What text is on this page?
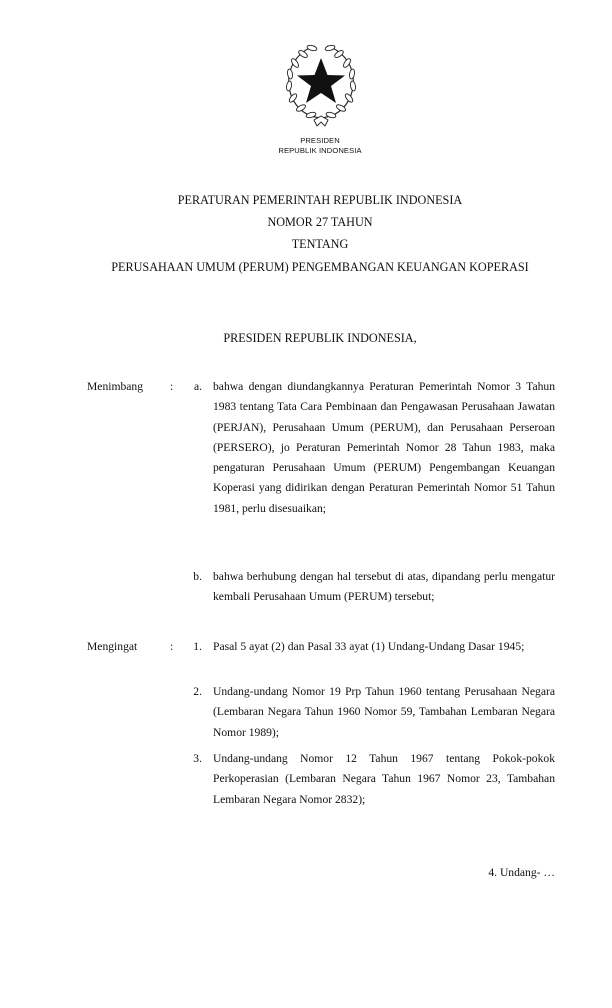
PRESIDEN
REPUBLIK INDONESIA
PERATURAN PEMERINTAH REPUBLIK INDONESIA
NOMOR 27 TAHUN
TENTANG
PERUSAHAAN UMUM (PERUM) PENGEMBANGAN KEUANGAN KOPERASI
PRESIDEN REPUBLIK INDONESIA,
Menimbang :	a. bahwa dengan diundangkannya Peraturan Pemerintah Nomor 3 Tahun 1983 tentang Tata Cara Pembinaan dan Pengawasan Perusahaan Jawatan (PERJAN), Perusahaan Umum (PERUM), dan Perusahaan Perseroan (PERSERO), jo Peraturan Pemerintah Nomor 28 Tahun 1983, maka pengaturan Perusahaan Umum (PERUM) Pengembangan Keuangan Koperasi yang didirikan dengan Peraturan Pemerintah Nomor 51 Tahun 1981, perlu disesuaikan;
b. bahwa berhubung dengan hal tersebut di atas, dipandang perlu mengatur kembali Perusahaan Umum (PERUM) tersebut;
Mengingat	:	1. Pasal 5 ayat (2) dan Pasal 33 ayat (1) Undang-Undang Dasar 1945;
2. Undang-undang Nomor 19 Prp Tahun 1960 tentang Perusahaan Negara (Lembaran Negara Tahun 1960 Nomor 59, Tambahan Lembaran Negara Nomor 1989);
3. Undang-undang Nomor 12 Tahun 1967 tentang Pokok-pokok Perkoperasian (Lembaran Negara Tahun 1967 Nomor 23, Tambahan Lembaran Negara Nomor 2832);
4. Undang- …
